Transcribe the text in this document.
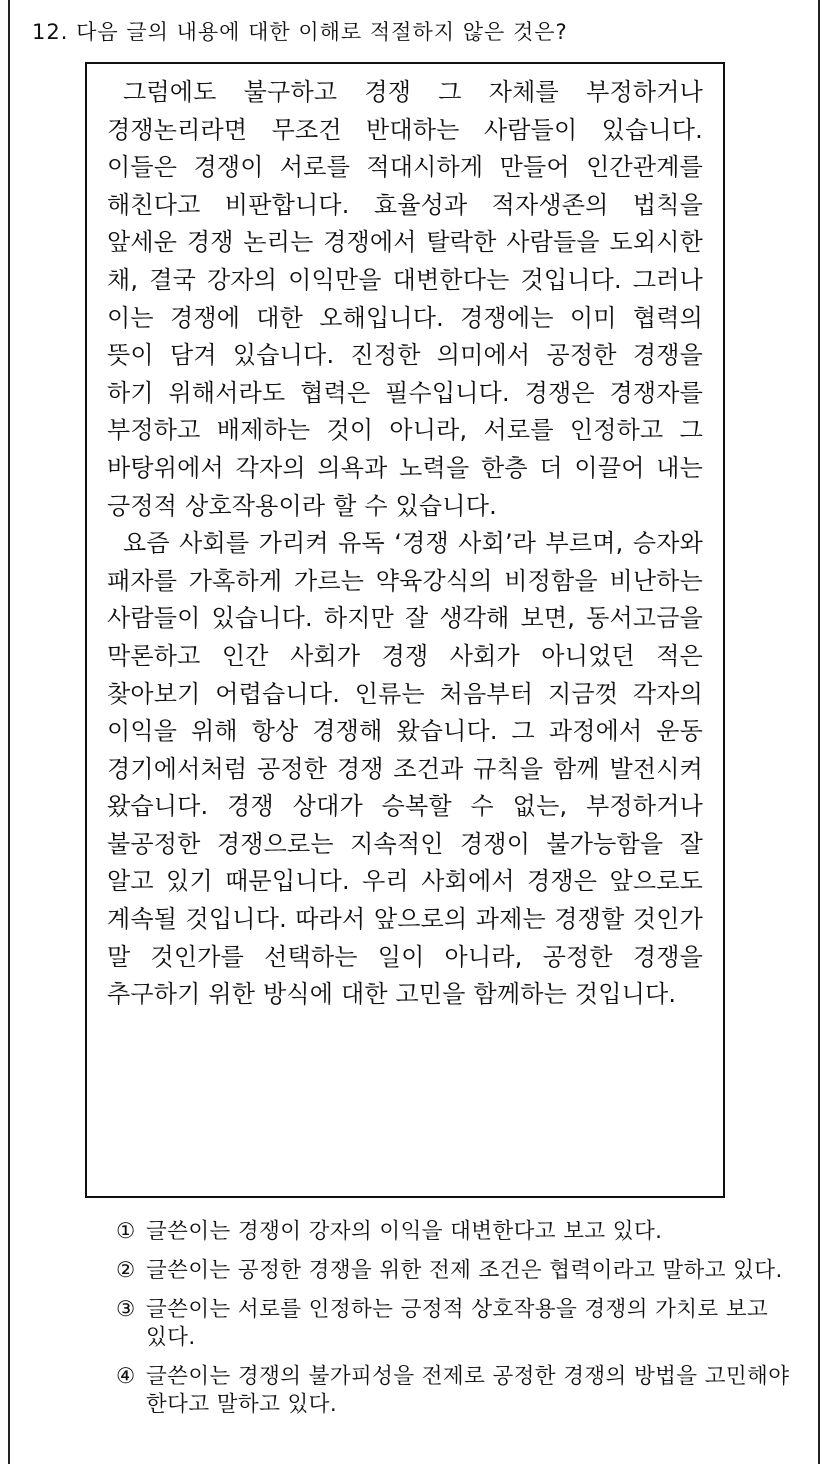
12. 다음 글의 내용에 대한 이해로 적절하지 않은 것은?

그럼에도 불구하고 경쟁 그 자체를 부정하거나 경쟁논리라면 무조건 반대하는 사람들이 있습니다. 이들은 경쟁이 서로를 적대시하게 만들어 인간관계를 해친다고 비판합니다. 효율성과 적자생존의 법칙을 앞세운 경쟁 논리는 경쟁에서 탈락한 사람들을 도외시한 채, 결국 강자의 이익만을 대변한다는 것입니다. 그러나 이는 경쟁에 대한 오해입니다. 경쟁에는 이미 협력의 뜻이 담겨 있습니다. 진정한 의미에서 공정한 경쟁을 하기 위해서라도 협력은 필수입니다. 경쟁은 경쟁자를 부정하고 배제하는 것이 아니라, 서로를 인정하고 그 바탕위에서 각자의 의욕과 노력을 한층 더 이끌어 내는 긍정적 상호작용이라 할 수 있습니다.

요즘 사회를 가리켜 유독 ‘경쟁 사회’라 부르며, 승자와 패자를 가혹하게 가르는 약육강식의 비정함을 비난하는 사람들이 있습니다. 하지만 잘 생각해 보면, 동서고금을 막론하고 인간 사회가 경쟁 사회가 아니었던 적은 찾아보기 어렵습니다. 인류는 처음부터 지금껏 각자의 이익을 위해 항상 경쟁해 왔습니다. 그 과정에서 운동 경기에서처럼 공정한 경쟁 조건과 규칙을 함께 발전시켜 왔습니다. 경쟁 상대가 승복할 수 없는, 부정하거나 불공정한 경쟁으로는 지속적인 경쟁이 불가능함을 잘 알고 있기 때문입니다. 우리 사회에서 경쟁은 앞으로도 계속될 것입니다. 따라서 앞으로의 과제는 경쟁할 것인가 말 것인가를 선택하는 일이 아니라, 공정한 경쟁을 추구하기 위한 방식에 대한 고민을 함께하는 것입니다.

① 글쓴이는 경쟁이 강자의 이익을 대변한다고 보고 있다.
② 글쓴이는 공정한 경쟁을 위한 전제 조건은 협력이라고 말하고 있다.
③ 글쓴이는 서로를 인정하는 긍정적 상호작용을 경쟁의 가치로 보고 있다.
④ 글쓴이는 경쟁의 불가피성을 전제로 공정한 경쟁의 방법을 고민해야 한다고 말하고 있다.
